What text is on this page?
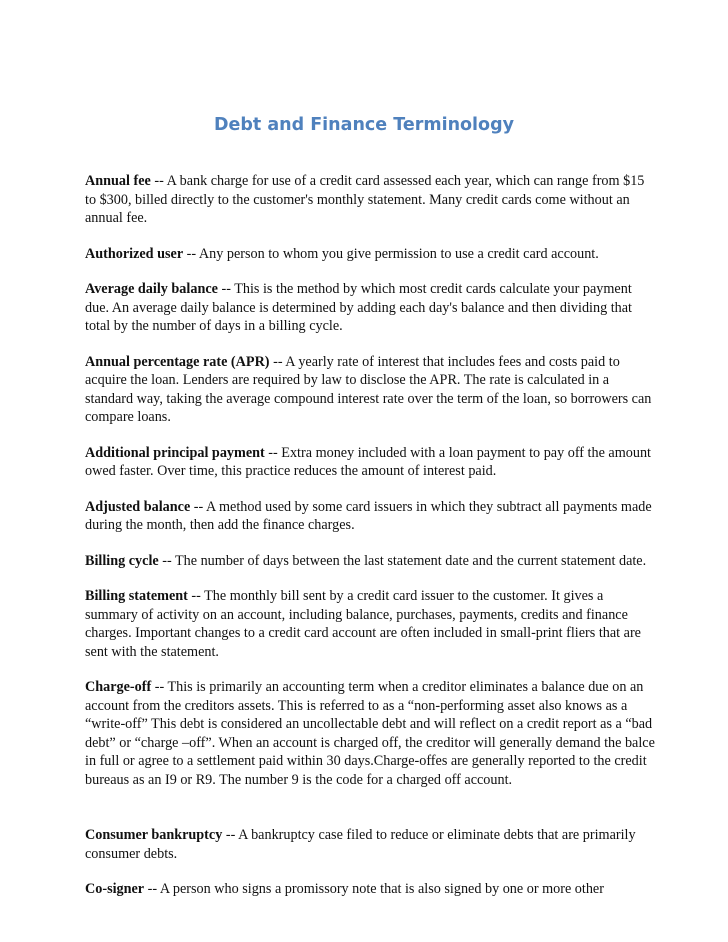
Debt and Finance Terminology

Annual fee -- A bank charge for use of a credit card assessed each year, which can range from $15 to $300, billed directly to the customer's monthly statement. Many credit cards come without an annual fee.

Authorized user -- Any person to whom you give permission to use a credit card account.

Average daily balance -- This is the method by which most credit cards calculate your payment due. An average daily balance is determined by adding each day's balance and then dividing that total by the number of days in a billing cycle.

Annual percentage rate (APR) -- A yearly rate of interest that includes fees and costs paid to acquire the loan. Lenders are required by law to disclose the APR. The rate is calculated in a standard way, taking the average compound interest rate over the term of the loan, so borrowers can compare loans.

Additional principal payment -- Extra money included with a loan payment to pay off the amount owed faster. Over time, this practice reduces the amount of interest paid.

Adjusted balance -- A method used by some card issuers in which they subtract all payments made during the month, then add the finance charges.

Billing cycle -- The number of days between the last statement date and the current statement date.

Billing statement -- The monthly bill sent by a credit card issuer to the customer. It gives a summary of activity on an account, including balance, purchases, payments, credits and finance charges. Important changes to a credit card account are often included in small-print fliers that are sent with the statement.

Charge-off -- This is primarily an accounting term when a creditor eliminates a balance due on an account from the creditors assets. This is referred to as a “non-performing asset also knows as a “write-off” This debt is considered an uncollectable debt and will reflect on a credit report as a “bad debt” or “charge –off”. When an account is charged off, the creditor will generally demand the balce in full or agree to a settlement paid within 30 days.Charge-offes are generally reported to the credit bureaus as an I9 or R9. The number 9 is the code for a charged off account.

Consumer bankruptcy -- A bankruptcy case filed to reduce or eliminate debts that are primarily consumer debts.

Co-signer -- A person who signs a promissory note that is also signed by one or more other
